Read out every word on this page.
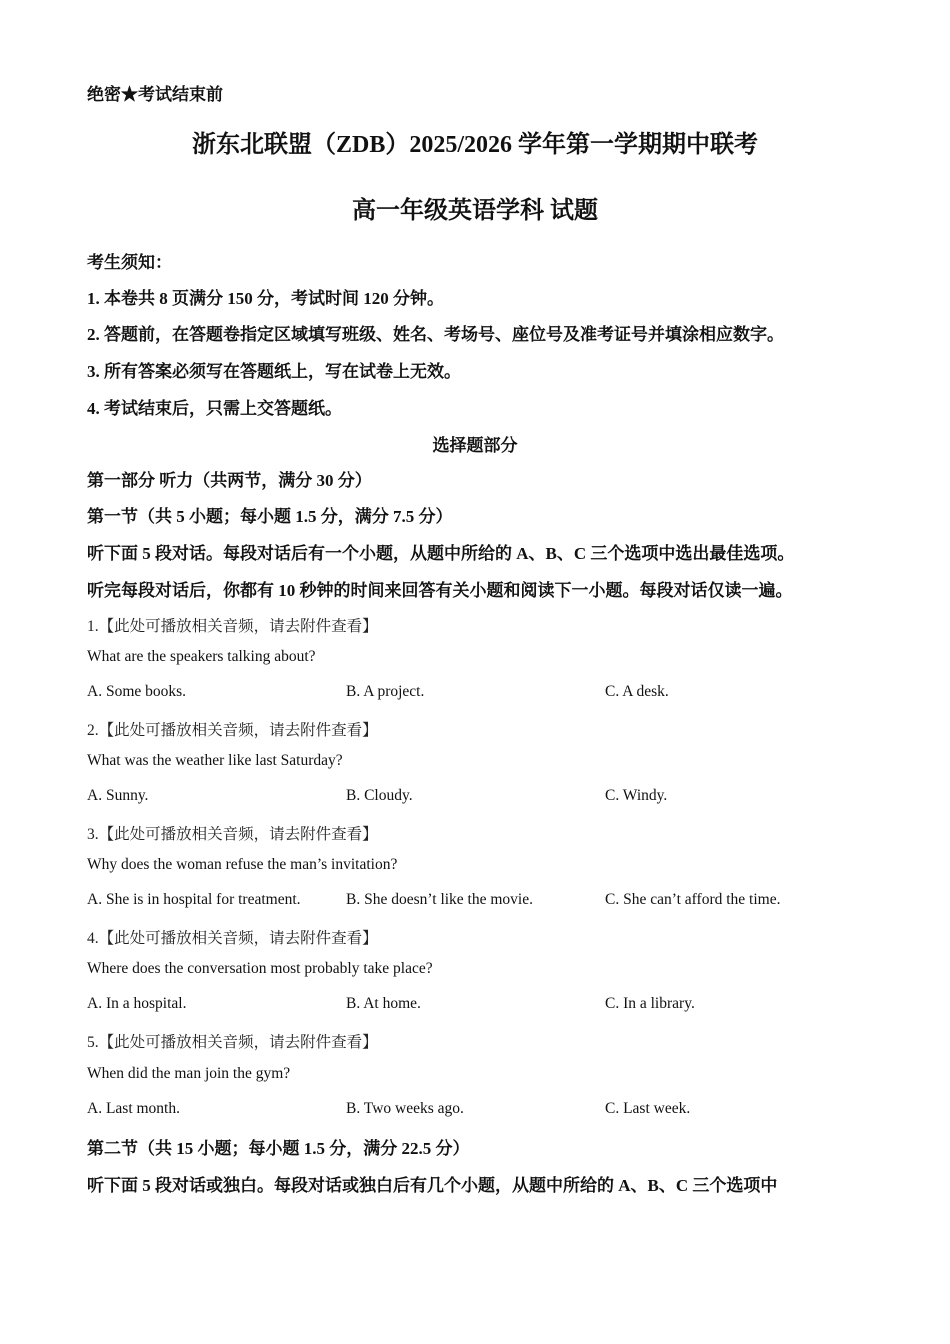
绝密★考试结束前
浙东北联盟（ZDB）2025/2026 学年第一学期期中联考
高一年级英语学科 试题
考生须知：
1. 本卷共 8 页满分 150 分，考试时间 120 分钟。
2. 答题前，在答题卷指定区域填写班级、姓名、考场号、座位号及准考证号并填涂相应数字。
3. 所有答案必须写在答题纸上，写在试卷上无效。
4. 考试结束后，只需上交答题纸。
选择题部分
第一部分 听力（共两节，满分 30 分）
第一节（共 5 小题；每小题 1.5 分，满分 7.5 分）
听下面 5 段对话。每段对话后有一个小题，从题中所给的 A、B、C 三个选项中选出最佳选项。
听完每段对话后，你都有 10 秒钟的时间来回答有关小题和阅读下一小题。每段对话仅读一遍。
1.【此处可播放相关音频，请去附件查看】
What are the speakers talking about?
A. Some books.	B. A project.	C. A desk.
2.【此处可播放相关音频，请去附件查看】
What was the weather like last Saturday?
A. Sunny.	B. Cloudy.	C. Windy.
3.【此处可播放相关音频，请去附件查看】
Why does the woman refuse the man’s invitation?
A. She is in hospital for treatment.	B. She doesn’t like the movie.	C. She can’t afford the time.
4.【此处可播放相关音频，请去附件查看】
Where does the conversation most probably take place?
A. In a hospital.	B. At home.	C. In a library.
5.【此处可播放相关音频，请去附件查看】
When did the man join the gym?
A. Last month.	B. Two weeks ago.	C. Last week.
第二节（共 15 小题；每小题 1.5 分，满分 22.5 分）
听下面 5 段对话或独白。每段对话或独白后有几个小题，从题中所给的 A、B、C 三个选项中
